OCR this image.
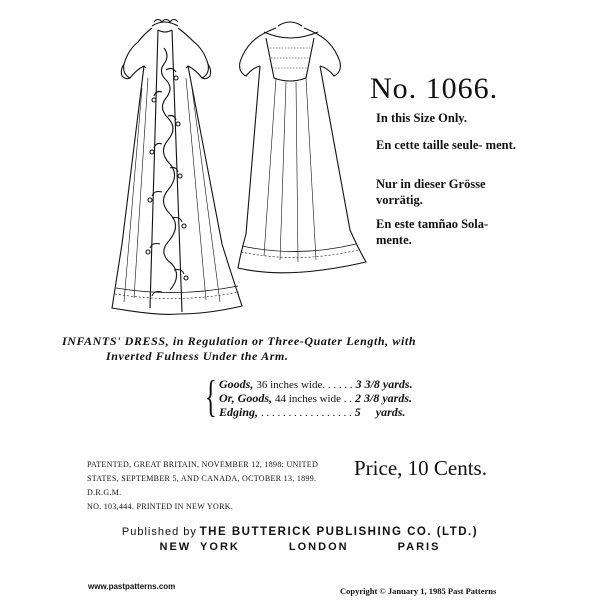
No. 1066.
In this Size Only.
En cette taille seule- ment.
Nur in dieser Grösse vorrätig.
En este tamñao Sola- mente.
INFANTS' DRESS, in Regulation or Three-Quater Length, with
Inverted Fulness Under the Arm.
{ Goods, 36 inches wide. . . . . . 3 3/8 yards.
Or, Goods, 44 inches wide . . 2 3/8 yards.
Edging, . . . . . . . . . . . . . . . . . 5     yards.
PATENTED, GREAT BRITAIN, NOVEMBER 12, 1898: UNITED
STATES, SEPTEMBER 5, AND CANADA, OCTOBER 13, 1899. D.R.G.M.
NO. 103,444. PRINTED IN NEW YORK.
Price, 10 Cents.
Published by THE BUTTERICK PUBLISHING CO. (LTD.)
NEW YORK	LONDON	PARIS
www.pastpatterns.com	Copyright © January 1, 1985 Past Patterns
